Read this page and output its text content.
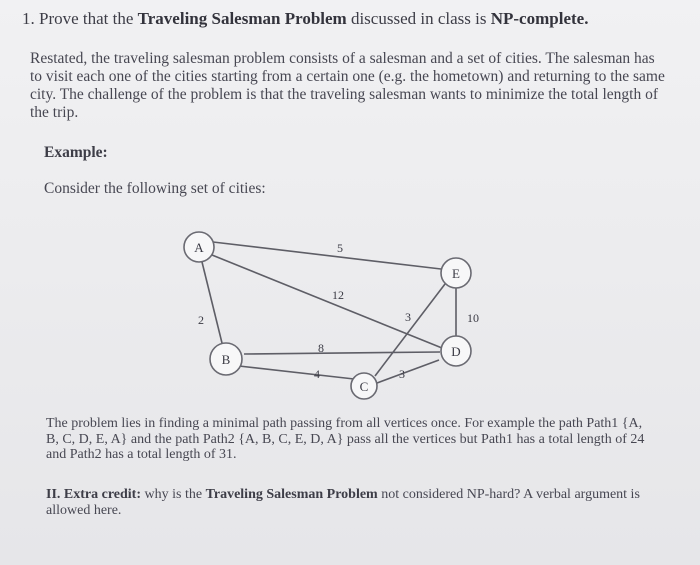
1. Prove that the Traveling Salesman Problem discussed in class is NP-complete.
Restated, the traveling salesman problem consists of a salesman and a set of cities. The salesman has to visit each one of the cities starting from a certain one (e.g. the hometown) and returning to the same city. The challenge of the problem is that the traveling salesman wants to minimize the total length of the trip.
Example:
Consider the following set of cities:
A
B
C
D
E
5
12
2
8
4
3
3
10
The problem lies in finding a minimal path passing from all vertices once. For example the path Path1 {A, B, C, D, E, A} and the path Path2 {A, B, C, E, D, A} pass all the vertices but Path1 has a total length of 24 and Path2 has a total length of 31.
II. Extra credit: why is the Traveling Salesman Problem not considered NP-hard? A verbal argument is allowed here.
